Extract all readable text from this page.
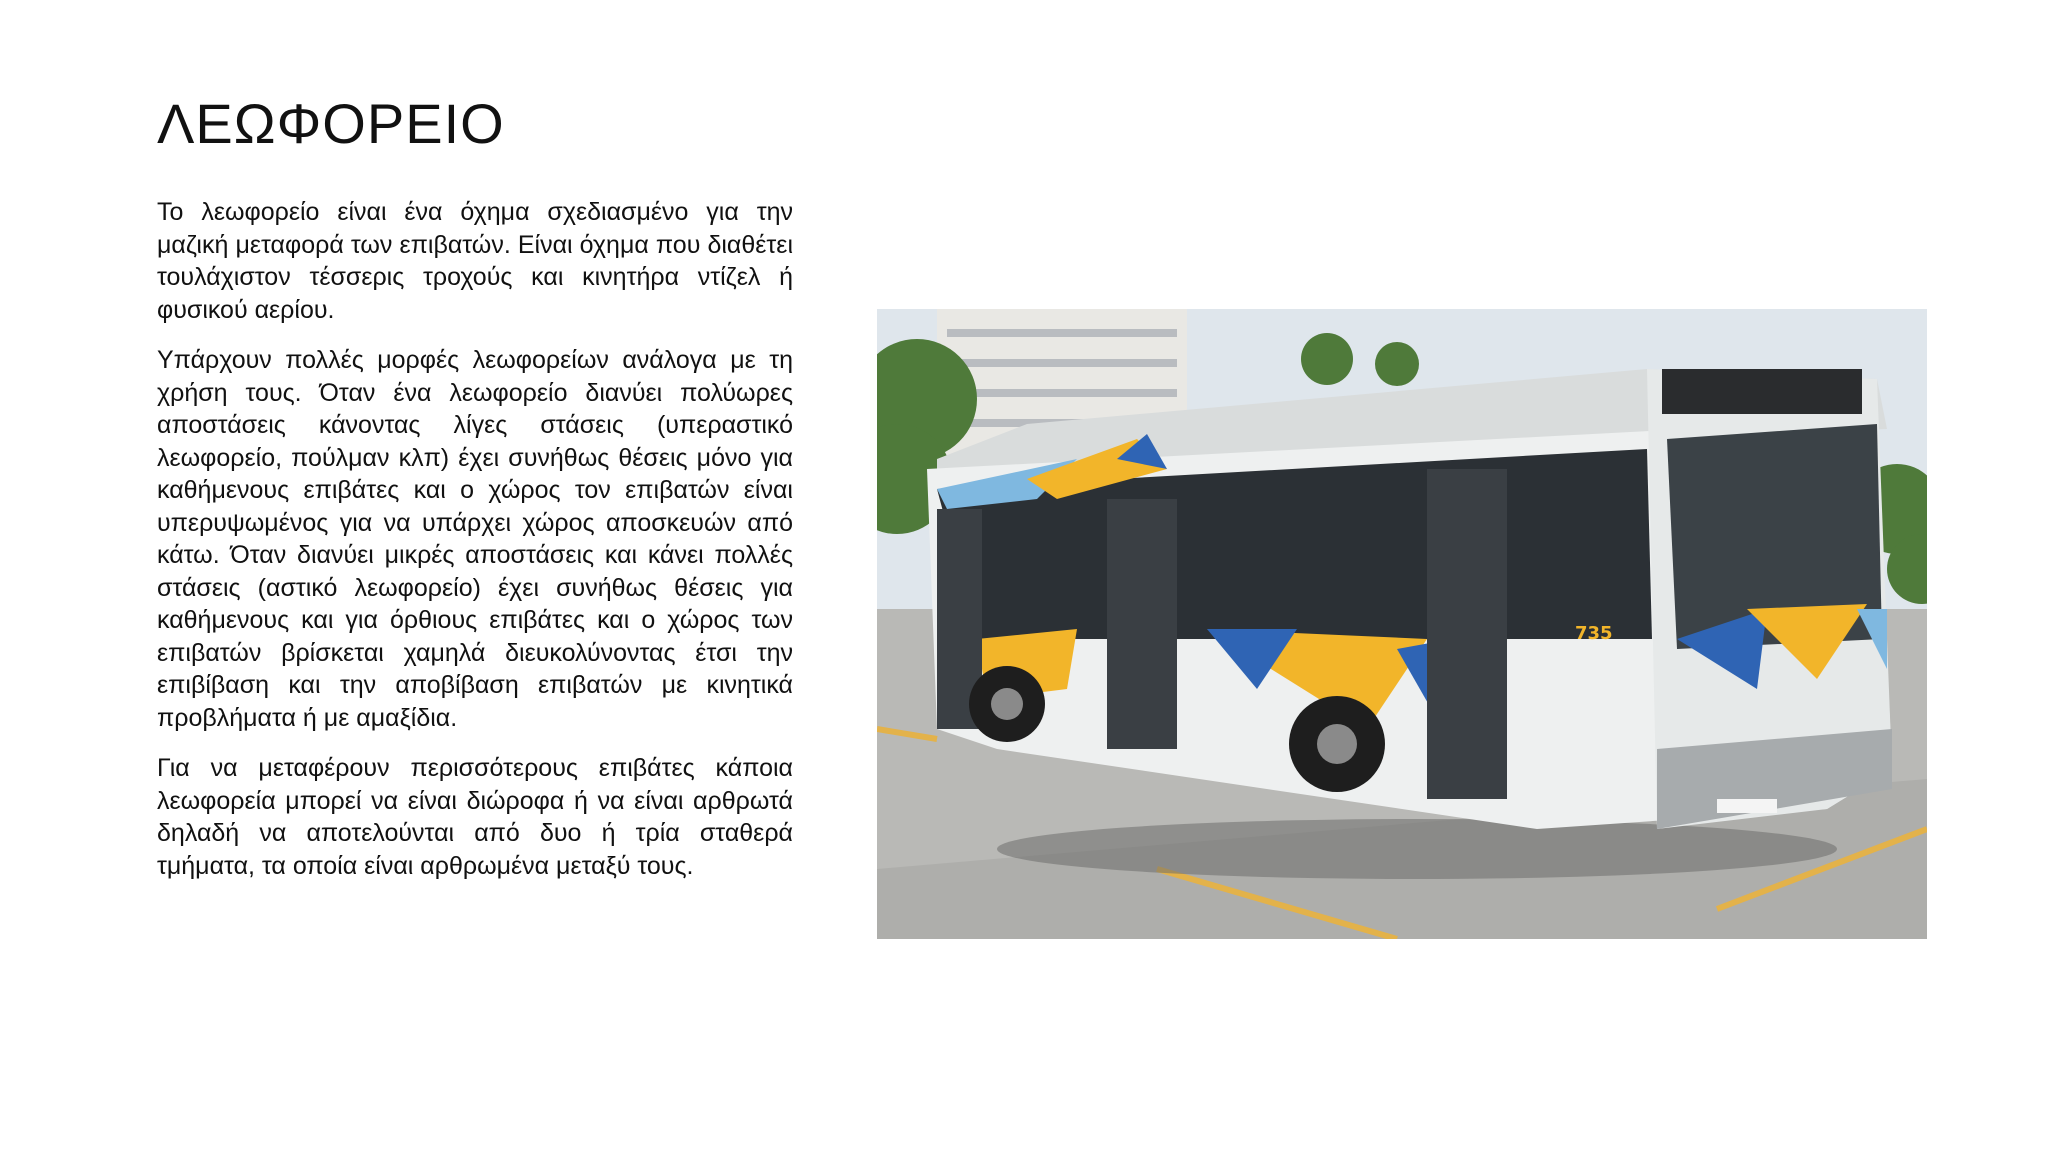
ΛΕΩΦΟΡΕΙΟ

Το λεωφορείο είναι ένα όχημα σχεδιασμένο για την μαζική μεταφορά των επιβατών. Είναι όχημα που διαθέτει τουλάχιστον τέσσερις τροχούς και κινητήρα ντίζελ ή φυσικού αερίου.

Υπάρχουν πολλές μορφές λεωφορείων ανάλογα με τη χρήση τους. Όταν ένα λεωφορείο διανύει πολύωρες αποστάσεις κάνοντας λίγες στάσεις (υπεραστικό λεωφορείο, πούλμαν κλπ) έχει συνήθως θέσεις μόνο για καθήμενους επιβάτες και ο χώρος τον επιβατών είναι υπερυψωμένος για να υπάρχει χώρος αποσκευών από κάτω. Όταν διανύει μικρές αποστάσεις και κάνει πολλές στάσεις (αστικό λεωφορείο) έχει συνήθως θέσεις για καθήμενους και για όρθιους επιβάτες και ο χώρος των επιβατών βρίσκεται χαμηλά διευκολύνοντας έτσι την επιβίβαση και την αποβίβαση επιβατών με κινητικά προβλήματα ή με αμαξίδια.

Για να μεταφέρουν περισσότερους επιβάτες κάποια λεωφορεία μπορεί να είναι διώροφα ή να είναι αρθρωτά δηλαδή να αποτελούνται από δυο ή τρία σταθερά τμήματα, τα οποία είναι αρθρωμένα μεταξύ τους.

735
